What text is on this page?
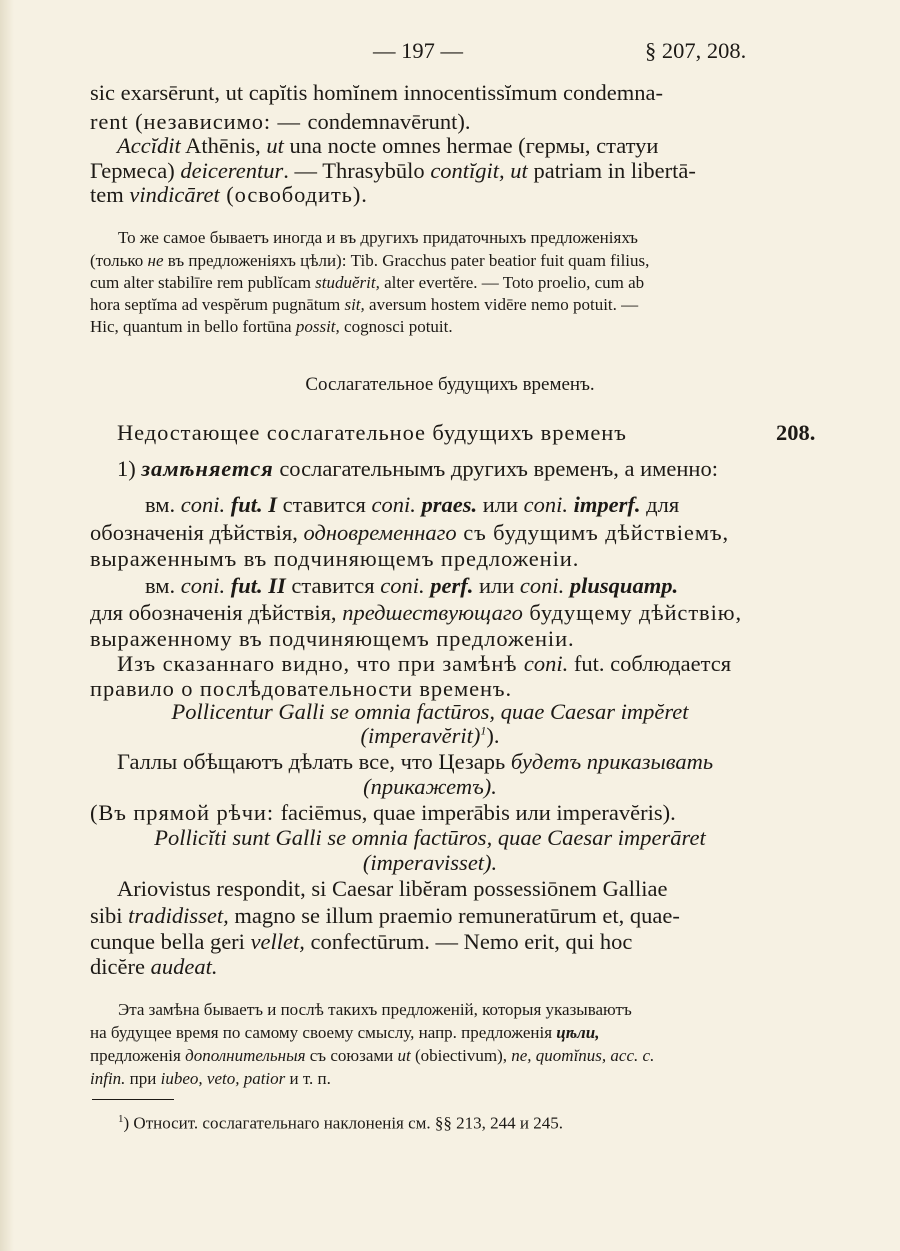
— 197 —	§ 207, 208.
sic exarsērunt, ut capĭtis homĭnem innocentissĭmum condemna-
rent (независимо: — condemnavērunt).
Accĭdit Athēnis, ut una nocte omnes hermae (гермы, статуи
Гермеса) deicerentur. — Thrasybūlo contĭgit, ut patriam in libertā-
tem vindicāret (освободить).
То же самое бываетъ иногда и въ другихъ придаточныхъ предложеніяхъ
(только не въ предложеніяхъ цѣли): Tib. Gracchus pater beatior fuit quam filius,
cum alter stabilīre rem publĭcam studuĕrit, alter evertĕre. — Toto proelio, cum ab
hora septĭma ad vespĕrum pugnātum sit, aversum hostem vidēre nemo potuit. —
Hic, quantum in bello fortūna possit, cognosci potuit.
Сослагательное будущихъ временъ.
Недостающее сослагательное будущихъ временъ	208.
1) замѣняется сослагательнымъ другихъ временъ, а именно:
вм. coni. fut. I ставится coni. praes. или coni. imperf. для
обозначенія дѣйствія, одновременнаго съ будущимъ дѣйствіемъ,
выраженнымъ въ подчиняющемъ предложеніи.
вм. coni. fut. II ставится coni. perf. или coni. plusquamp.
для обозначенія дѣйствія, предшествующаго будущему дѣйствію,
выраженному въ подчиняющемъ предложеніи.
Изъ сказаннаго видно, что при замѣнѣ coni. fut. соблюдается
правило о послѣдовательности временъ.
Pollicentur Galli se omnia factūros, quae Caesar impĕret
(imperavĕrit)$^1$).
Галлы обѣщаютъ дѣлать все, что Цезарь будетъ приказывать
(прикажетъ).
(Въ прямой рѣчи: faciēmus, quae imperābis или imperavĕris).
Pollicĭti sunt Galli se omnia factūros, quae Caesar imperāret
(imperavisset).
Ariovistus respondit, si Caesar libĕram possessiōnem Galliae
sibi tradidisset, magno se illum praemio remuneratūrum et, quae-
cunque bella geri vellet, confectūrum. — Nemo erit, qui hoc
dicĕre audeat.
Эта замѣна бываетъ и послѣ такихъ предложеній, которыя указываютъ
на будущее время по самому своему смыслу, напр. предложенія цѣли,
предложенія дополнительныя съ союзами ut (obiectivum), ne, quomĭnus, acc. c.
infin. при iubeo, veto, patior и т. п.
$^1$) Относит. сослагательнаго наклоненія см. §§ 213, 244 и 245.
